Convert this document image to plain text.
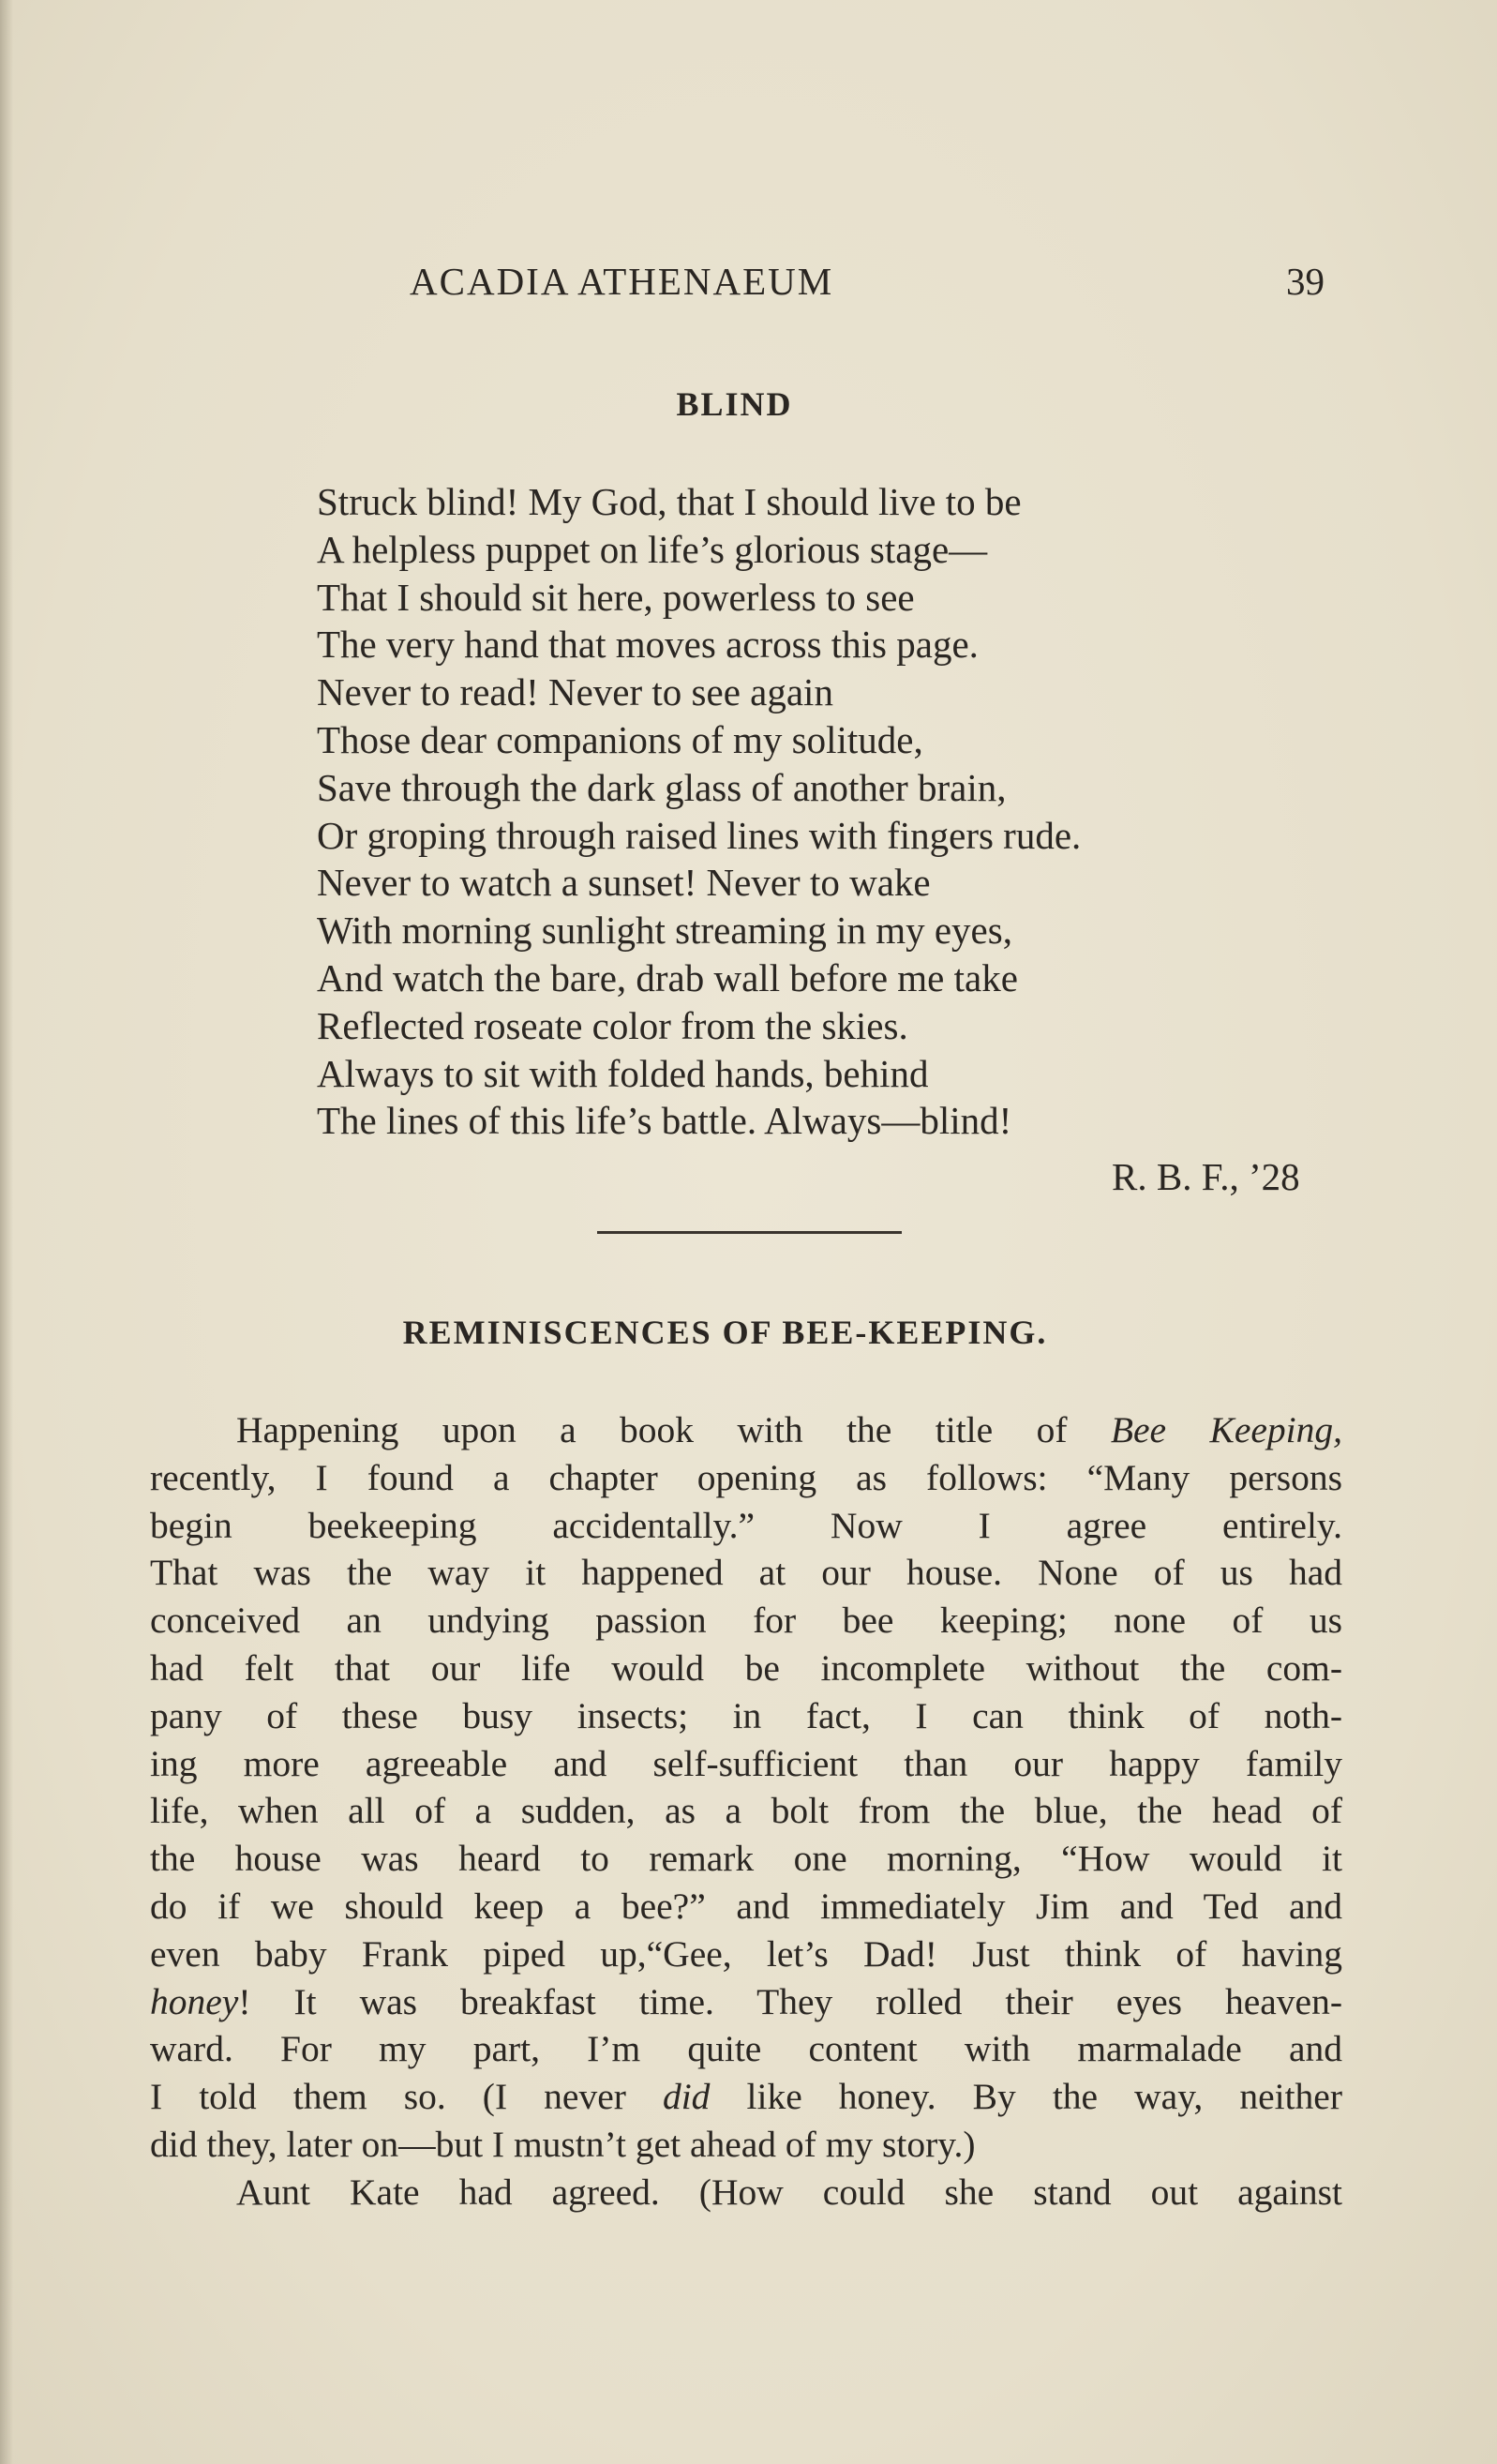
ACADIA ATHENAEUM	39
BLIND
Struck blind! My God, that I should live to be
A helpless puppet on life’s glorious stage—
That I should sit here, powerless to see
The very hand that moves across this page.
Never to read! Never to see again
Those dear companions of my solitude,
Save through the dark glass of another brain,
Or groping through raised lines with fingers rude.
Never to watch a sunset! Never to wake
With morning sunlight streaming in my eyes,
And watch the bare, drab wall before me take
Reflected roseate color from the skies.
Always to sit with folded hands, behind
The lines of this life’s battle. Always—blind!
R. B. F., ’28
REMINISCENCES OF BEE-KEEPING.
Happening upon a book with the title of Bee Keeping,
recently, I found a chapter opening as follows: “Many persons
begin beekeeping accidentally.” Now I agree entirely.
That was the way it happened at our house. None of us had
conceived an undying passion for bee keeping; none of us
had felt that our life would be incomplete without the com-
pany of these busy insects; in fact, I can think of noth-
ing more agreeable and self-sufficient than our happy family
life, when all of a sudden, as a bolt from the blue, the head of
the house was heard to remark one morning, “How would it
do if we should keep a bee?” and immediately Jim and Ted and
even baby Frank piped up,“Gee, let’s Dad! Just think of having
honey! It was breakfast time. They rolled their eyes heaven-
ward. For my part, I’m quite content with marmalade and
I told them so. (I never did like honey. By the way, neither
did they, later on—but I mustn’t get ahead of my story.)
Aunt Kate had agreed. (How could she stand out against
